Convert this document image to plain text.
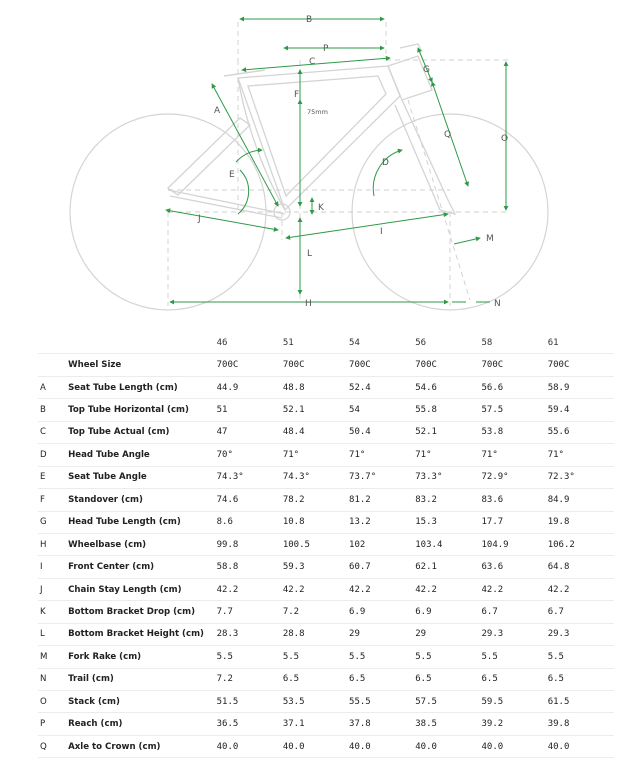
B
P
C
G
F
A	75mm
Q	O
D
E
K
J
I
M
L
H	N
		46	51	54	56	58	61
	Wheel Size	700C	700C	700C	700C	700C	700C
A	Seat Tube Length (cm)	44.9	48.8	52.4	54.6	56.6	58.9
B	Top Tube Horizontal (cm)	51	52.1	54	55.8	57.5	59.4
C	Top Tube Actual (cm)	47	48.4	50.4	52.1	53.8	55.6
D	Head Tube Angle	70°	71°	71°	71°	71°	71°
E	Seat Tube Angle	74.3°	74.3°	73.7°	73.3°	72.9°	72.3°
F	Standover (cm)	74.6	78.2	81.2	83.2	83.6	84.9
G	Head Tube Length (cm)	8.6	10.8	13.2	15.3	17.7	19.8
H	Wheelbase (cm)	99.8	100.5	102	103.4	104.9	106.2
I	Front Center (cm)	58.8	59.3	60.7	62.1	63.6	64.8
J	Chain Stay Length (cm)	42.2	42.2	42.2	42.2	42.2	42.2
K	Bottom Bracket Drop (cm)	7.7	7.2	6.9	6.9	6.7	6.7
L	Bottom Bracket Height (cm)	28.3	28.8	29	29	29.3	29.3
M	Fork Rake (cm)	5.5	5.5	5.5	5.5	5.5	5.5
N	Trail (cm)	7.2	6.5	6.5	6.5	6.5	6.5
O	Stack (cm)	51.5	53.5	55.5	57.5	59.5	61.5
P	Reach (cm)	36.5	37.1	37.8	38.5	39.2	39.8
Q	Axle to Crown (cm)	40.0	40.0	40.0	40.0	40.0	40.0
